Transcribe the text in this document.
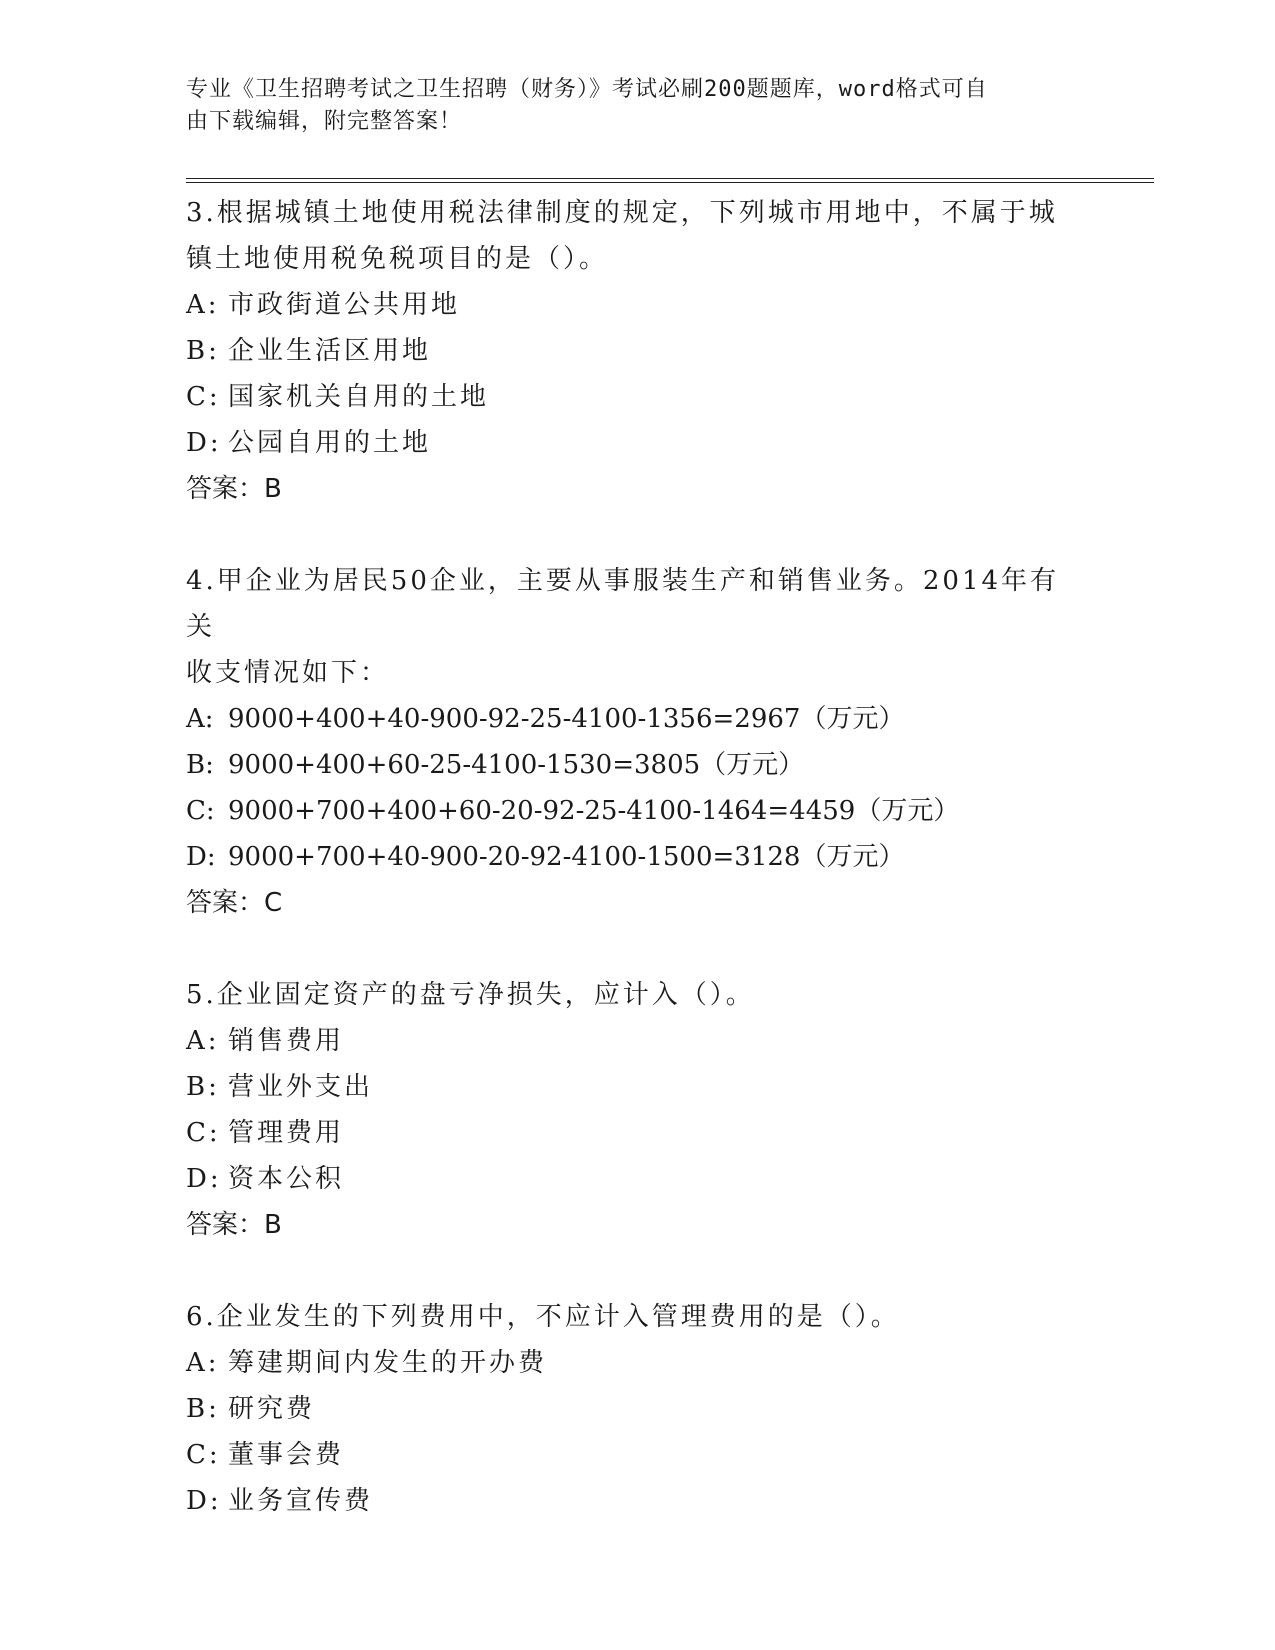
专业《卫生招聘考试之卫生招聘（财务）》考试必刷200题题库，word格式可自
由下载编辑，附完整答案！
3.根据城镇土地使用税法律制度的规定，下列城市用地中，不属于城
镇土地使用税免税项目的是（）。
A: 市政街道公共用地
B: 企业生活区用地
C: 国家机关自用的土地
D: 公园自用的土地
答案：B
4.甲企业为居民50企业，主要从事服装生产和销售业务。2014年有关
收支情况如下：
A: 9000+400+40-900-92-25-4100-1356=2967（万元）
B: 9000+400+60-25-4100-1530=3805（万元）
C: 9000+700+400+60-20-92-25-4100-1464=4459（万元）
D: 9000+700+40-900-20-92-4100-1500=3128（万元）
答案：C
5.企业固定资产的盘亏净损失，应计入（）。
A: 销售费用
B: 营业外支出
C: 管理费用
D: 资本公积
答案：B
6.企业发生的下列费用中，不应计入管理费用的是（）。
A: 筹建期间内发生的开办费
B: 研究费
C: 董事会费
D: 业务宣传费
